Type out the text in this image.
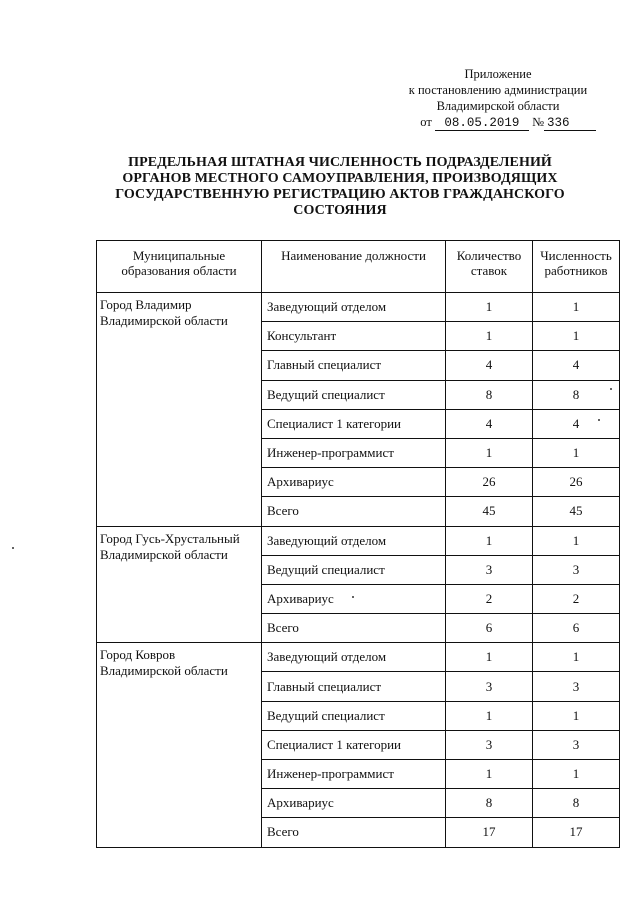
Приложение
к постановлению администрации
Владимирской области
от 08.05.2019 № 336
ПРЕДЕЛЬНАЯ ШТАТНАЯ ЧИСЛЕННОСТЬ ПОДРАЗДЕЛЕНИЙ ОРГАНОВ МЕСТНОГО САМОУПРАВЛЕНИЯ, ПРОИЗВОДЯЩИХ ГОСУДАРСТВЕННУЮ РЕГИСТРАЦИЮ АКТОВ ГРАЖДАНСКОГО СОСТОЯНИЯ
Муниципальные образования области	Наименование должности	Количество ставок	Численность работников
Город Владимир Владимирской области	Заведующий отделом	1	1
	Консультант	1	1
	Главный специалист	4	4
	Ведущий специалист	8	8
	Специалист 1 категории	4	4
	Инженер-программист	1	1
	Архивариус	26	26
	Всего	45	45
Город Гусь-Хрустальный Владимирской области	Заведующий отделом	1	1
	Ведущий специалист	3	3
	Архивариус	2	2
	Всего	6	6
Город Ковров Владимирской области	Заведующий отделом	1	1
	Главный специалист	3	3
	Ведущий специалист	1	1
	Специалист 1 категории	3	3
	Инженер-программист	1	1
	Архивариус	8	8
	Всего	17	17
